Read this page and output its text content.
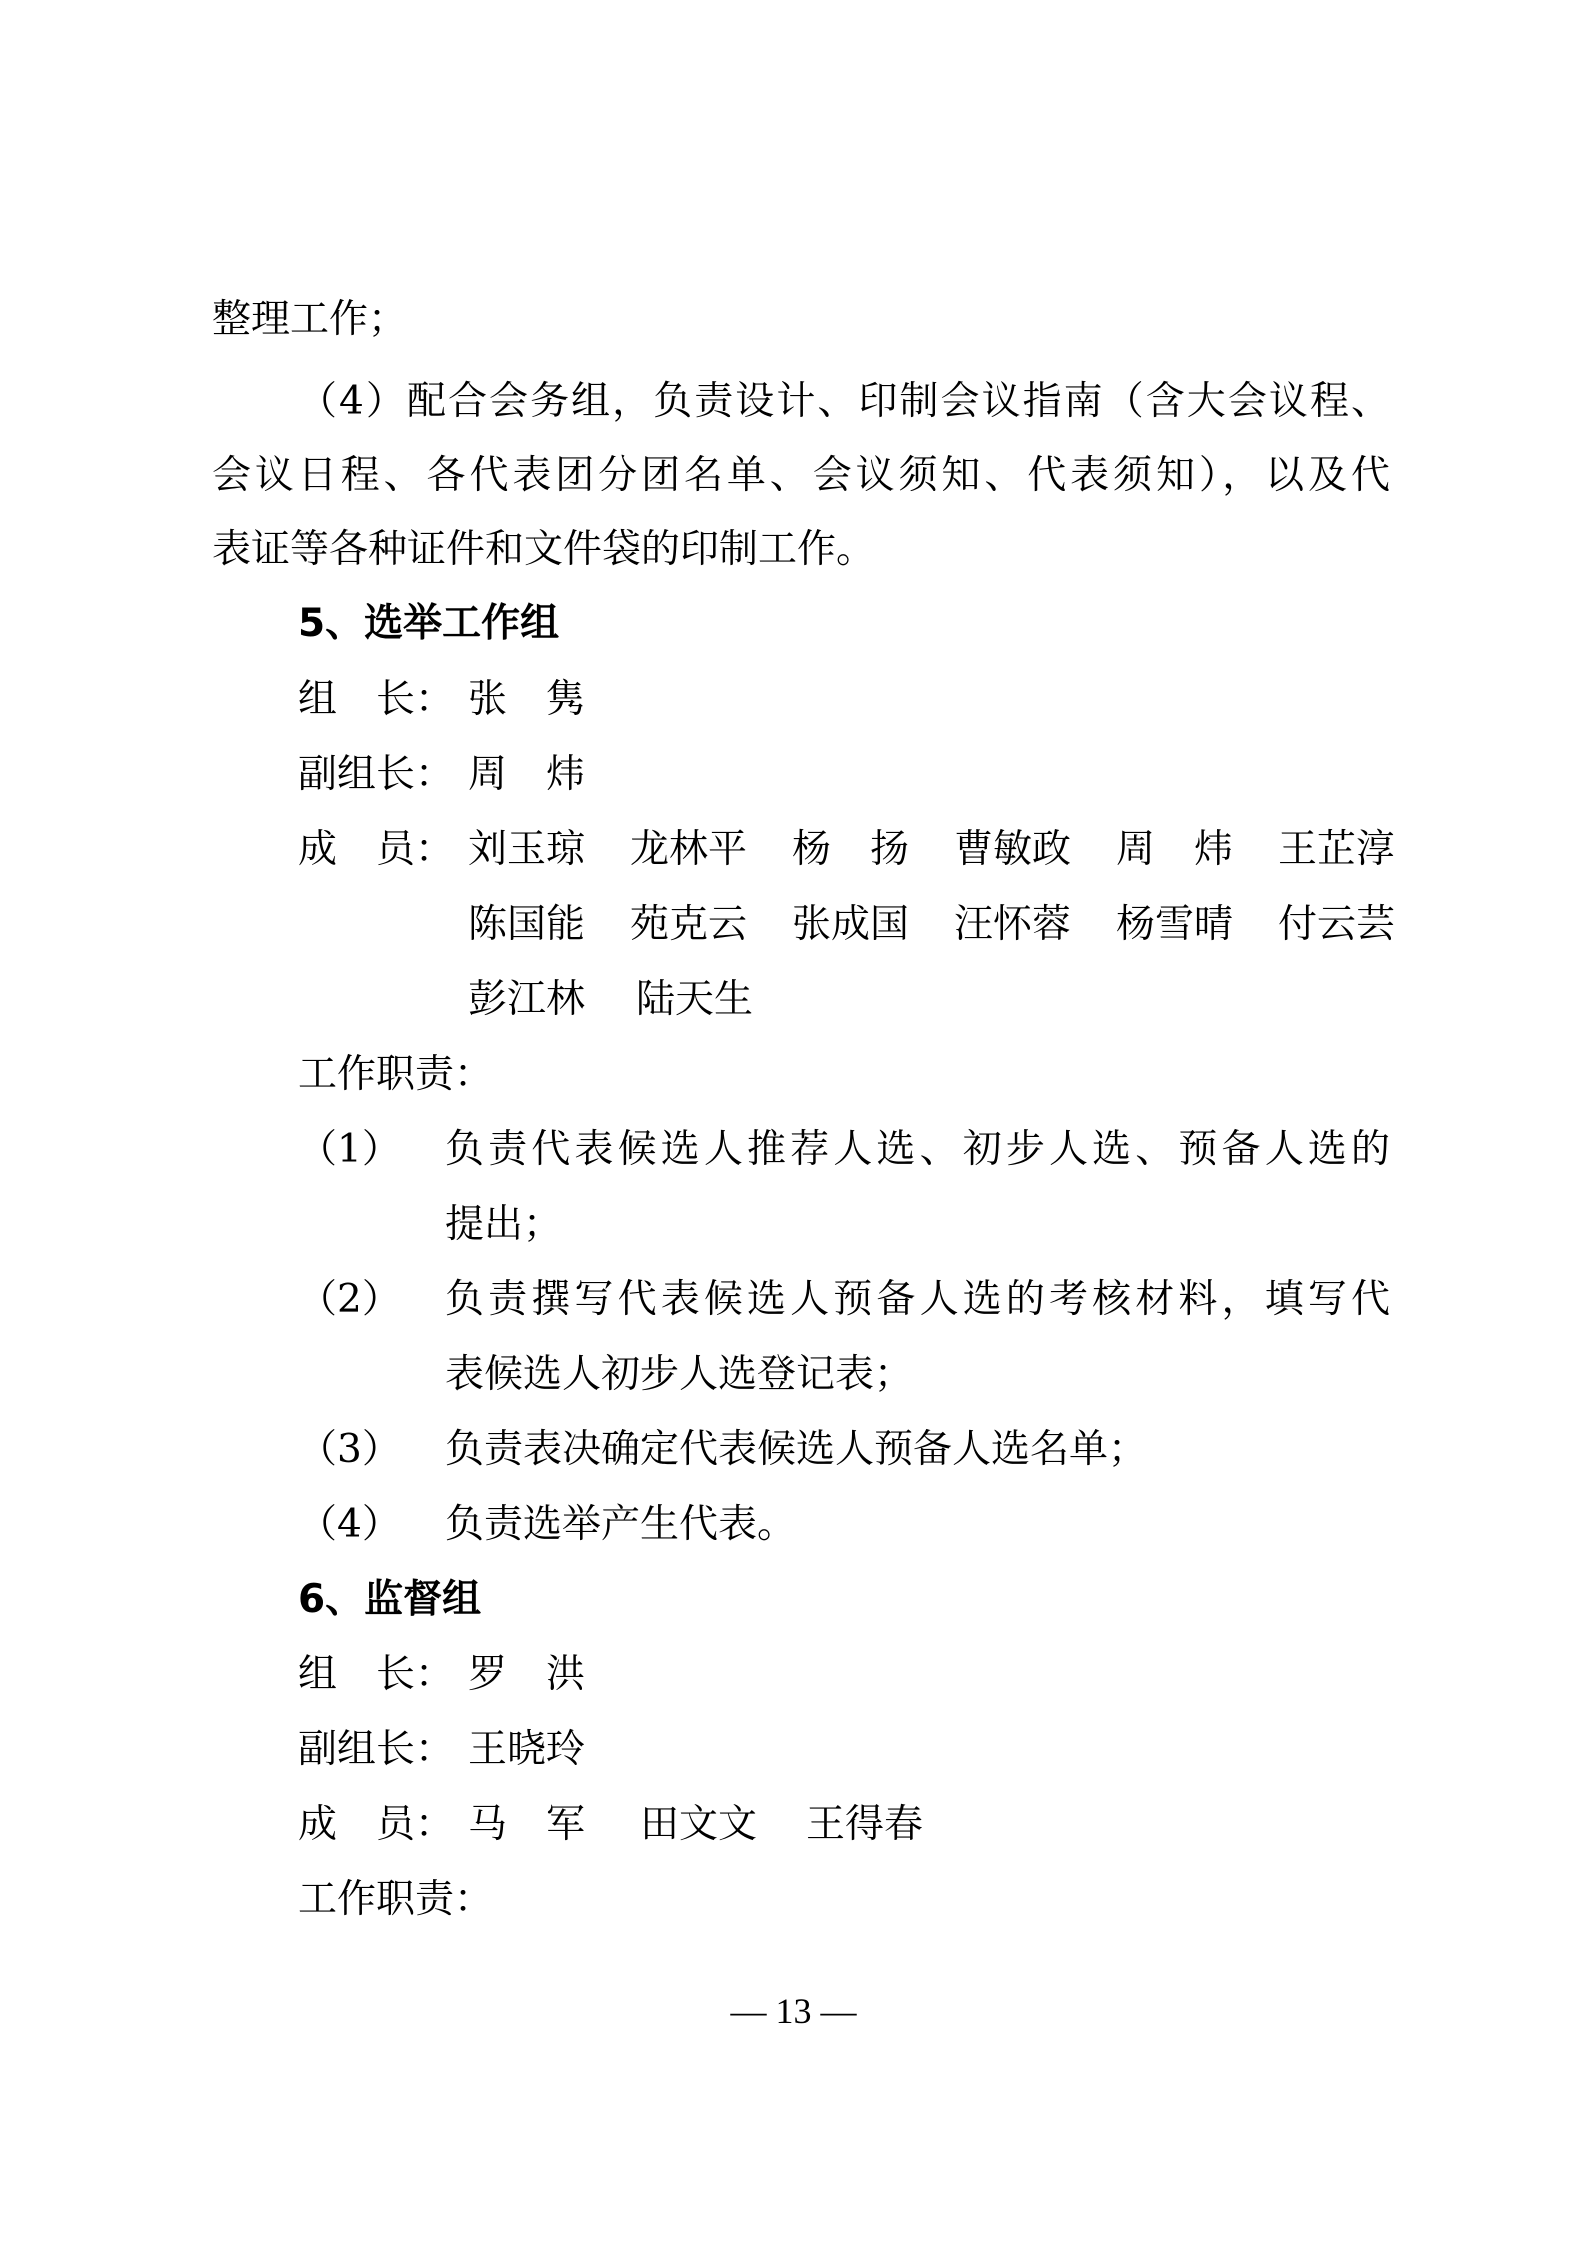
整理工作；
（4）配合会务组，负责设计、印制会议指南（含大会议程、
会议日程、各代表团分团名单、会议须知、代表须知），以及代
表证等各种证件和文件袋的印制工作。
5、选举工作组
组　长： 张　隽
副组长： 周　炜
成　员： 刘玉琼 龙林平 杨　扬 曹敏政 周　炜 王芷淳
陈国能 苑克云 张成国 汪怀蓉 杨雪晴 付云芸
彭江林 陆天生
工作职责：
（1） 负责代表候选人推荐人选、初步人选、预备人选的
提出；
（2） 负责撰写代表候选人预备人选的考核材料，填写代
表候选人初步人选登记表；
（3） 负责表决确定代表候选人预备人选名单；
（4） 负责选举产生代表。
6、监督组
组　长： 罗　洪
副组长： 王晓玲
成　员： 马　军 田文文 王得春
工作职责：
— 13 —
